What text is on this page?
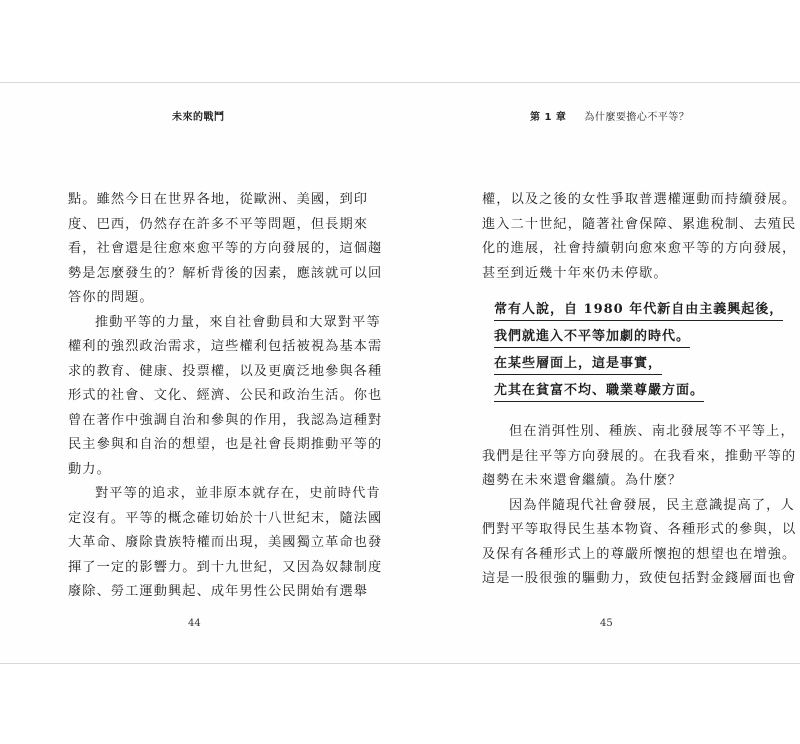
未來的戰鬥
點。雖然今日在世界各地，從歐洲、美國，到印
度、巴西，仍然存在許多不平等問題，但長期來
看，社會還是往愈來愈平等的方向發展的，這個趨
勢是怎麼發生的？解析背後的因素，應該就可以回
答你的問題。
推動平等的力量，來自社會動員和大眾對平等
權利的強烈政治需求，這些權利包括被視為基本需
求的教育、健康、投票權，以及更廣泛地參與各種
形式的社會、文化、經濟、公民和政治生活。你也
曾在著作中強調自治和參與的作用，我認為這種對
民主參與和自治的想望，也是社會長期推動平等的
動力。
對平等的追求，並非原本就存在，史前時代肯
定沒有。平等的概念確切始於十八世紀末，隨法國
大革命、廢除貴族特權而出現，美國獨立革命也發
揮了一定的影響力。到十九世紀，又因為奴隸制度
廢除、勞工運動興起、成年男性公民開始有選舉
44
第 1 章 為什麼要擔心不平等？
權，以及之後的女性爭取普選權運動而持續發展。
進入二十世紀，隨著社會保障、累進稅制、去殖民
化的進展，社會持續朝向愈來愈平等的方向發展，
甚至到近幾十年來仍未停歇。
常有人說，自 1980 年代新自由主義興起後，
我們就進入不平等加劇的時代。
在某些層面上，這是事實，
尤其在貧富不均、職業尊嚴方面。
但在消弭性別、種族、南北發展等不平等上，
我們是往平等方向發展的。在我看來，推動平等的
趨勢在未來還會繼續。為什麼？
因為伴隨現代社會發展，民主意識提高了，人
們對平等取得民生基本物資、各種形式的參與，以
及保有各種形式上的尊嚴所懷抱的想望也在增強。
這是一股很強的驅動力，致使包括對金錢層面也會
45
